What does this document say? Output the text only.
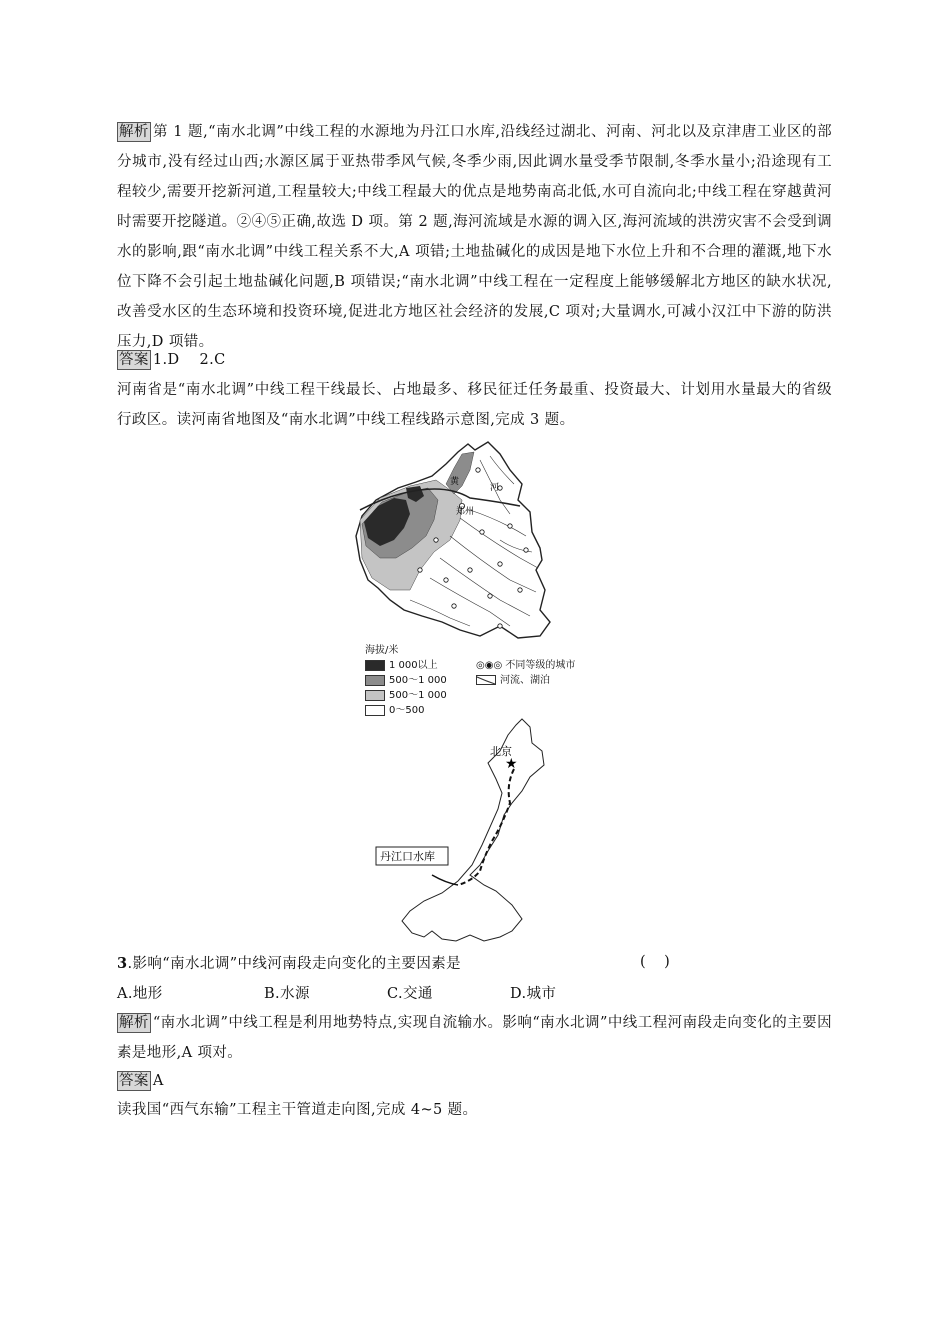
解析 第 1 题,“南水北调”中线工程的水源地为丹江口水库,沿线经过湖北、河南、河北以及京津唐工业区的部分城市,没有经过山西;水源区属于亚热带季风气候,冬季少雨,因此调水量受季节限制,冬季水量小;沿途现有工程较少,需要开挖新河道,工程量较大;中线工程最大的优点是地势南高北低,水可自流向北;中线工程在穿越黄河时需要开挖隧道。②④⑤正确,故选 D 项。第 2 题,海河流域是水源的调入区,海河流域的洪涝灾害不会受到调水的影响,跟“南水北调”中线工程关系不大,A 项错;土地盐碱化的成因是地下水位上升和不合理的灌溉,地下水位下降不会引起土地盐碱化问题,B 项错误;“南水北调”中线工程在一定程度上能够缓解北方地区的缺水状况,改善受水区的生态环境和投资环境,促进北方地区社会经济的发展,C 项对;大量调水,可减小汉江中下游的防洪压力,D 项错。
答案 1.D    2.C
河南省是“南水北调”中线工程干线最长、占地最多、移民征迁任务最重、投资最大、计划用水量最大的省级行政区。读河南省地图及“南水北调”中线工程线路示意图,完成 3 题。
黄
河
郑州
海拔/米
1 000以上
500～1 000
500～1 000
0～500
◎◉◎ 不同等级的城市
河流、湖泊
★
北京
丹江口水库
3.影响“南水北调”中线河南段走向变化的主要因素是	(    )
A.地形	B.水源	C.交通	D.城市
解析 “南水北调”中线工程是利用地势特点,实现自流输水。影响“南水北调”中线工程河南段走向变化的主要因素是地形,A 项对。
答案 A
读我国“西气东输”工程主干管道走向图,完成 4~5 题。
